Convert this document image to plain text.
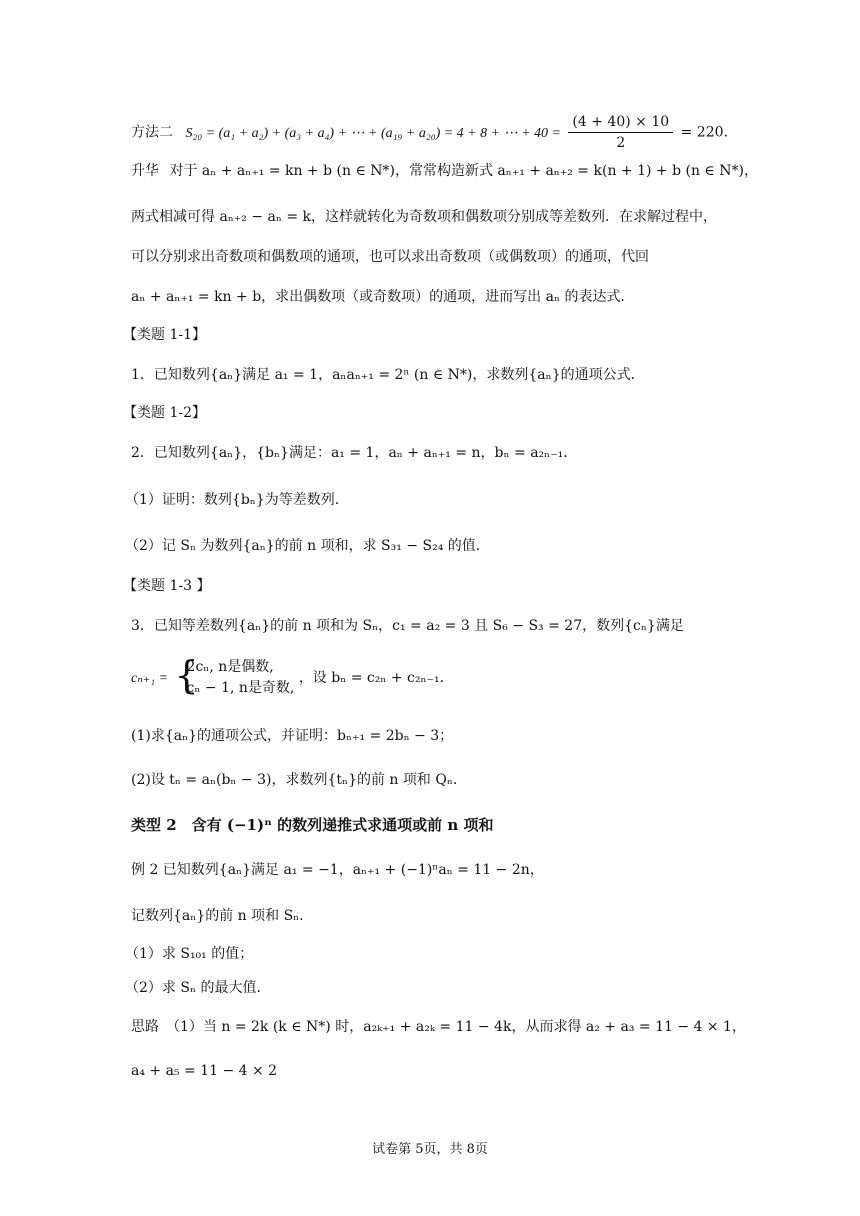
方法二 S₂₀ = (a₁ + a₂) + (a₃ + a₄) + ⋯ + (a₁₉ + a₂₀) = 4 + 8 + ⋯ + $40 = \frac{(4 + 40) \times 10}{2} = 220$.
升华 对于 aₙ + aₙ₊₁ = kn + b (n ∈ N*)，常常构造新式 aₙ₊₁ + aₙ₊₂ = k(n + 1) + b (n ∈ N*)，
两式相减可得 aₙ₊₂ − aₙ = k，这样就转化为奇数项和偶数项分别成等差数列．在求解过程中，
可以分别求出奇数项和偶数项的通项，也可以求出奇数项（或偶数项）的通项，代回
aₙ + aₙ₊₁ = kn + b，求出偶数项（或奇数项）的通项，进而写出 aₙ 的表达式．
【类题 1-1】
1．已知数列{aₙ}满足 a₁ = 1，aₙaₙ₊₁ = 2ⁿ (n ∈ N*)，求数列{aₙ}的通项公式．
【类题 1-2】
2．已知数列{aₙ}，{bₙ}满足：a₁ = 1，aₙ + aₙ₊₁ = n，bₙ = a₂ₙ₋₁．
（1）证明：数列{bₙ}为等差数列．
（2）记 Sₙ 为数列{aₙ}的前 n 项和，求 S₃₁ − S₂₄ 的值．
【类题 1-3 】
3．已知等差数列{aₙ}的前 n 项和为 Sₙ，c₁ = a₂ = 3 且 S₆ − S₃ = 27，数列{cₙ}满足
cₙ₊₁ = {
2cₙ, n是偶数,
cₙ − 1, n是奇数,
，设 bₙ = c₂ₙ + c₂ₙ₋₁．
(1)求{aₙ}的通项公式，并证明：bₙ₊₁ = 2bₙ − 3；
(2)设 tₙ = aₙ(bₙ − 3)，求数列{tₙ}的前 n 项和 Qₙ．
类型 2　含有 (−1)ⁿ 的数列递推式求通项或前 n 项和
例 2 已知数列{aₙ}满足 a₁ = −1，aₙ₊₁ + (−1)ⁿaₙ = 11 − 2n，
记数列{aₙ}的前 n 项和 Sₙ．
（1）求 S₁₀₁ 的值；
（2）求 Sₙ 的最大值．
思路　（1）当 n = 2k (k ∈ N*) 时，a₂ₖ₊₁ + a₂ₖ = 11 − 4k，从而求得 a₂ + a₃ = 11 − 4 × 1，
a₄ + a₅ = 11 − 4 × 2
试卷第 5页，共 8页
